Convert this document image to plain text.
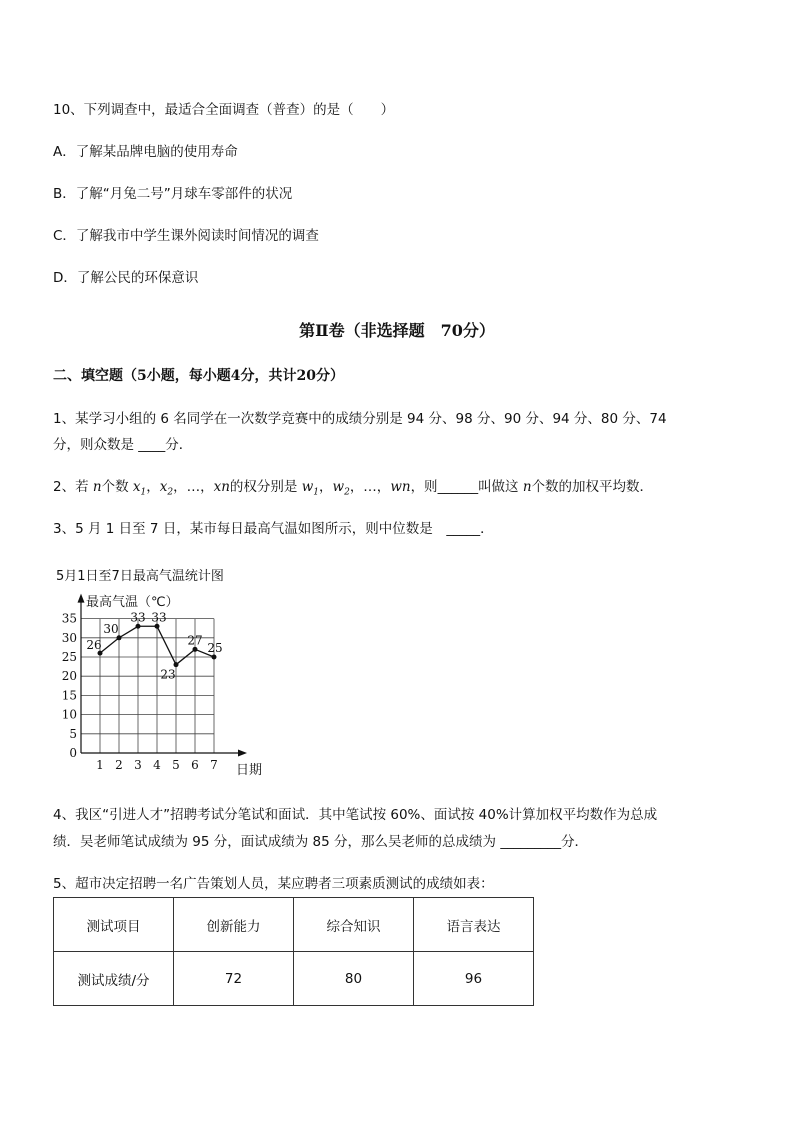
10、下列调查中，最适合全面调查（普查）的是（　　）
A．了解某品牌电脑的使用寿命
B．了解“月兔二号”月球车零部件的状况
C．了解我市中学生课外阅读时间情况的调查
D．了解公民的环保意识
第Ⅱ卷（非选择题　70分）
二、填空题（5小题，每小题4分，共计20分）
1、某学习小组的 6 名同学在一次数学竞赛中的成绩分别是 94 分、98 分、90 分、94 分、80 分、74
分，则众数是 ____分．
2、若 n个数 $x_1$，$x_2$，…，xn的权分别是 $w_1$，$w_2$，…，wn，则______叫做这 n个数的加权平均数．
3、5 月 1 日至 7 日，某市每日最高气温如图所示，则中位数是　_____．
5月1日至7日最高气温统计图
最高气温（℃）
日期
0
5
10
15
20
25
30
35
1 2 3 4 5 6 7
26
30
33 33
23
27
25
4、我区“引进人才”招聘考试分笔试和面试．其中笔试按 60%、面试按 40%计算加权平均数作为总成
绩．吴老师笔试成绩为 95 分，面试成绩为 85 分，那么吴老师的总成绩为 _________分．
5、超市决定招聘一名广告策划人员，某应聘者三项素质测试的成绩如表：
测试项目	创新能力	综合知识	语言表达
测试成绩/分	72	80	96
